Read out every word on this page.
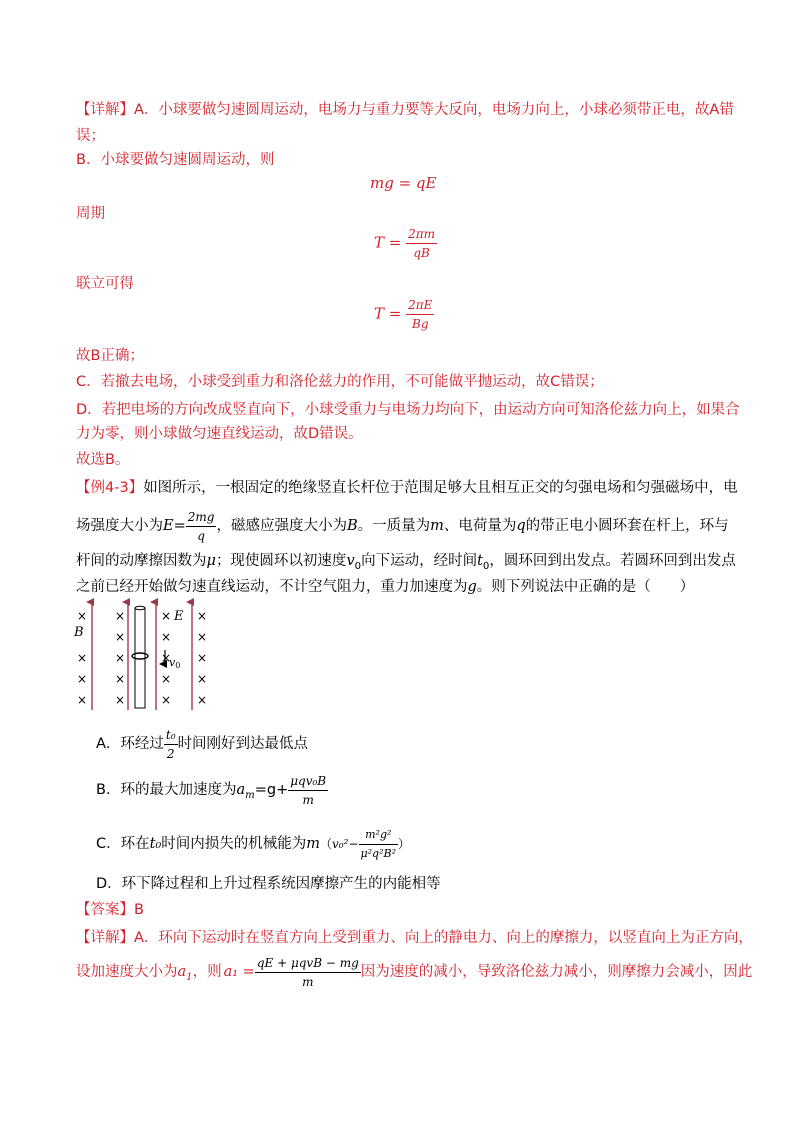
【详解】A．小球要做匀速圆周运动，电场力与重力要等大反向，电场力向上，小球必须带正电，故A错
误；
B．小球要做匀速圆周运动，则
mg = qE
周期
$T = \frac{2\pi m}{qB}$
联立可得
$T = \frac{2\pi E}{Bg}$
故B正确；
C．若撤去电场，小球受到重力和洛伦兹力的作用，不可能做平抛运动，故C错误；
D．若把电场的方向改成竖直向下，小球受重力与电场力均向下，由运动方向可知洛伦兹力向上，如果合
力为零，则小球做匀速直线运动，故D错误。
故选B。
【例4-3】如图所示，一根固定的绝缘竖直长杆位于范围足够大且相互正交的匀强电场和匀强磁场中，电
场强度大小为$E= \frac{2mg}{q}$ ，磁感应强度大小为B。一质量为m、电荷量为q的带正电小圆环套在杆上，环与
杆间的动摩擦因数为μ；现使圆环以初速度$v_0$向下运动，经时间$t_0$，圆环回到出发点。若圆环回到出发点
之前已经开始做匀速直线运动，不计空气阻力，重力加速度为g。则下列说法中正确的是（　　）
×
×
×
×
×
×
×
×
×
×
×
×
×
×
×
×
×
×
×
v0
B
E
A．环经过 $\frac{\text{t₀}}{2}$ 时间刚好到达最低点
B．环的最大加速度为$a_m=g+ \frac{\text{μqv₀B}}{m}$
C．环在t₀时间内损失的机械能为$m(v_0^2- \frac{\text{m²g²}}{\text{μ²q²B²}}$ ）
D．环下降过程和上升过程系统因摩擦产生的内能相等
【答案】B
【详解】A．环向下运动时在竖直方向上受到重力、向上的静电力、向上的摩擦力，以竖直向上为正方向，
设加速度大小为$a_1$，则 $a_1 = \frac{\text{qE + μqvB − mg}}{m}$ 因为速度的减小，导致洛伦兹力减小，则摩擦力会减小，因此
